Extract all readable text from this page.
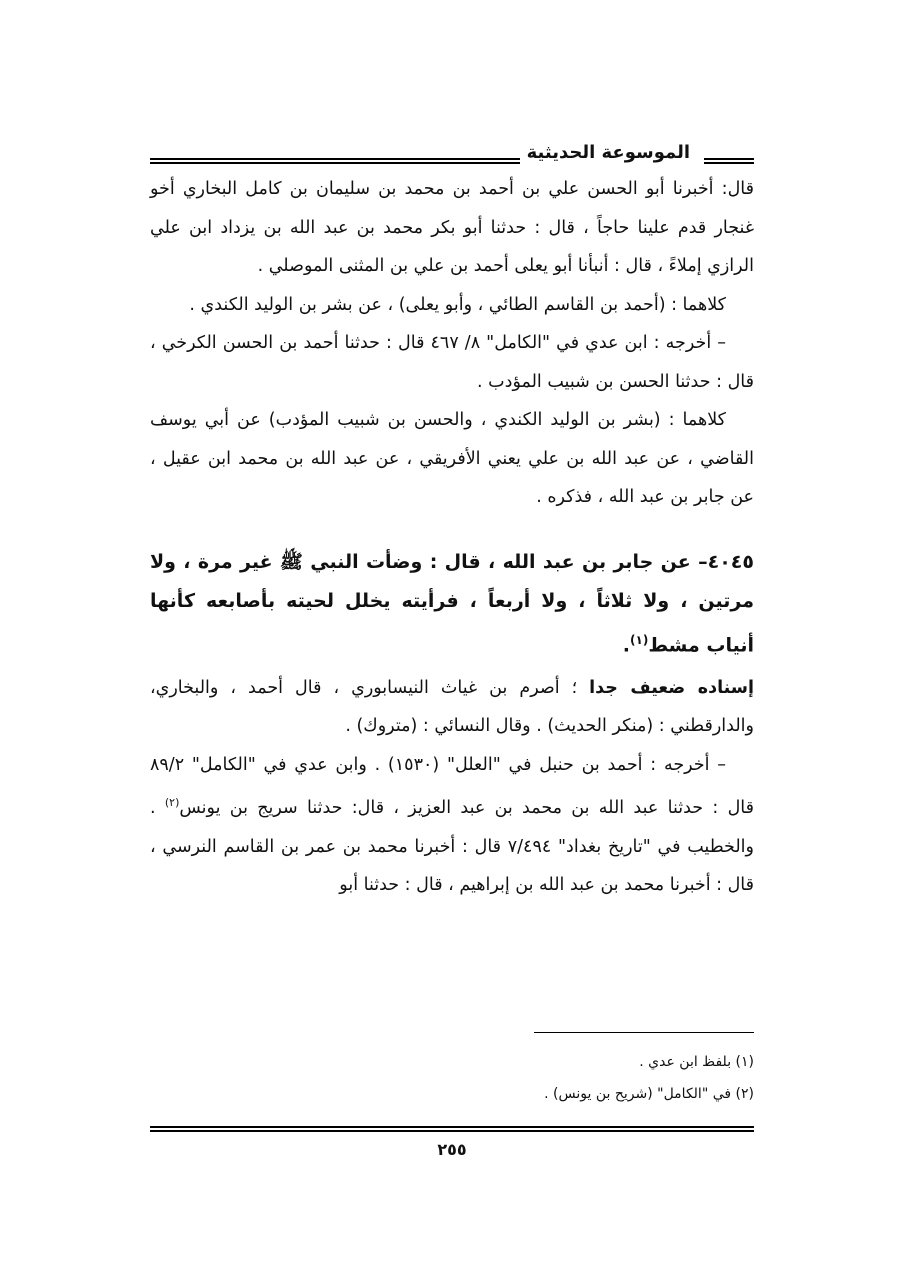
الموسوعة الحديثية

قال: أخبرنا أبو الحسن علي بن أحمد بن محمد بن سليمان بن كامل البخاري أخو غنجار قدم علينا حاجاً ، قال : حدثنا أبو بكر محمد بن عبد الله بن يزداد ابن علي الرازي إملاءً ، قال : أنبأنا أبو يعلى أحمد بن علي بن المثنى الموصلي .

كلاهما : (أحمد بن القاسم الطائي ، وأبو يعلى) ، عن بشر بن الوليد الكندي .

– أخرجه : ابن عدي في "الكامل" ٨/ ٤٦٧ قال : حدثنا أحمد بن الحسن الكرخي ، قال : حدثنا الحسن بن شبيب المؤدب .

كلاهما : (بشر بن الوليد الكندي ، والحسن بن شبيب المؤدب) عن أبي يوسف القاضي ، عن عبد الله بن علي يعني الأفريقي ، عن عبد الله بن محمد ابن عقيل ، عن جابر بن عبد الله ، فذكره .

٤٠٤٥– عن جابر بن عبد الله ، قال : وضأت النبي ﷺ غير مرة ، ولا مرتين ، ولا ثلاثاً ، ولا أربعاً ، فرأيته يخلل لحيته بأصابعه كأنها أنياب مشط$^{(١)}$.

إسناده ضعيف جدا ؛ أصرم بن غياث النيسابوري ، قال أحمد ، والبخاري، والدارقطني : (منكر الحديث) . وقال النسائي : (متروك) .

– أخرجه : أحمد بن حنبل في "العلل" (١٥٣٠) . وابن عدي في "الكامل" ٨٩/٢ قال : حدثنا عبد الله بن محمد بن عبد العزيز ، قال: حدثنا سريج بن يونس$^{(٢)}$ . والخطيب في "تاريخ بغداد" ٧/٤٩٤ قال : أخبرنا محمد بن عمر بن القاسم النرسي ، قال : أخبرنا محمد بن عبد الله بن إبراهيم ، قال : حدثنا أبو

(١) بلفظ ابن عدي .

(٢) في "الكامل" (شريح بن يونس) .

٢٥٥
